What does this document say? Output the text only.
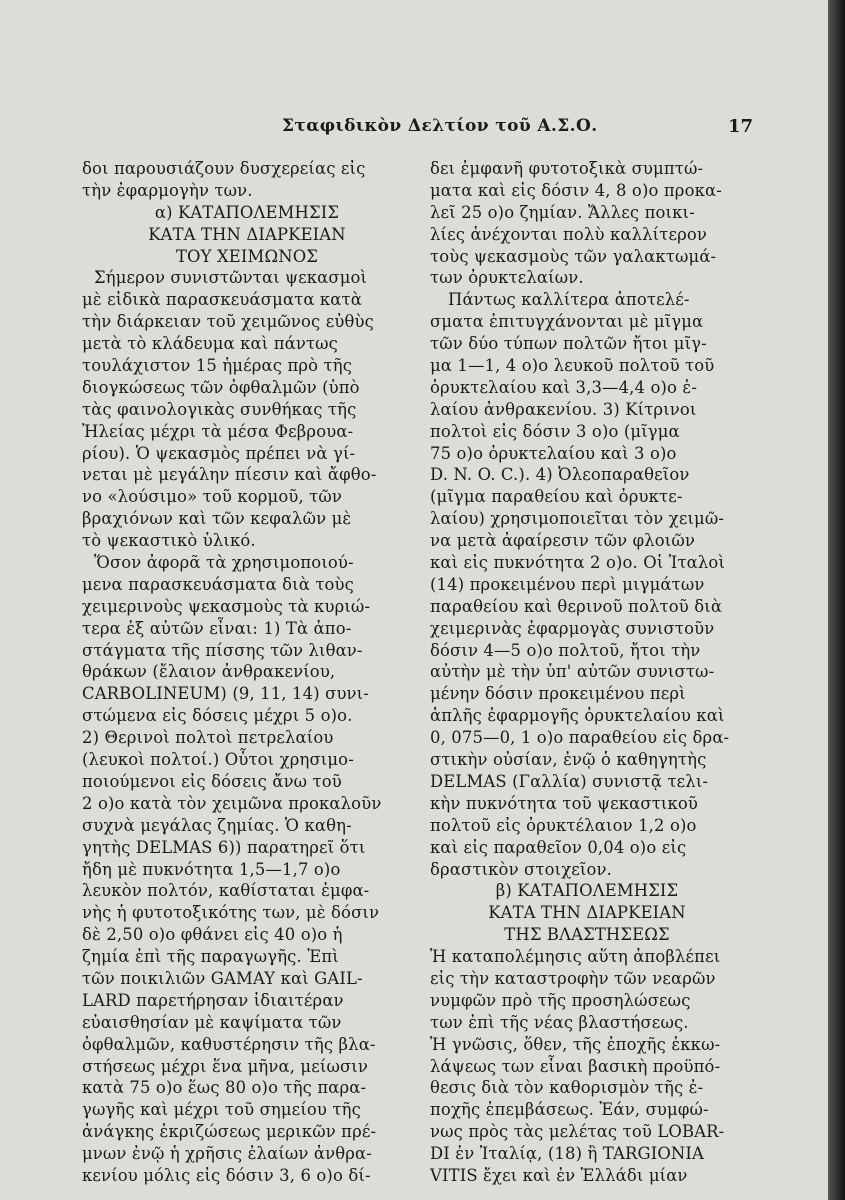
Σταφιδικὸν Δελτίον τοῦ Α.Σ.Ο.	17
δοι παρουσιάζουν δυσχερείας εἰς
τὴν ἐφαρμογὴν των.
α) ΚΑΤΑΠΟΛΕΜΗΣΙΣ
ΚΑΤΑ ΤΗΝ ΔΙΑΡΚΕΙΑΝ
ΤΟΥ ΧΕΙΜΩΝΟΣ
Σήμερον συνιστῶνται ψεκασμοὶ
μὲ εἰδικὰ παρασκευάσματα κατὰ
τὴν διάρκειαν τοῦ χειμῶνος εὐθὺς
μετὰ τὸ κλάδευμα καὶ πάντως
τουλάχιστον 15 ἡμέρας πρὸ τῆς
διογκώσεως τῶν ὀφθαλμῶν (ὑπὸ
τὰς φαινολογικὰς συνθήκας τῆς
Ἠλείας μέχρι τὰ μέσα Φεβρουα-
ρίου). Ὁ ψεκασμὸς πρέπει νὰ γί-
νεται μὲ μεγάλην πίεσιν καὶ ἄφθο-
νο «λούσιμο» τοῦ κορμοῦ, τῶν
βραχιόνων καὶ τῶν κεφαλῶν μὲ
τὸ ψεκαστικὸ ὑλικό.
Ὅσον ἀφορᾶ τὰ χρησιμοποιού-
μενα παρασκευάσματα διὰ τοὺς
χειμερινοὺς ψεκασμοὺς τὰ κυριώ-
τερα ἐξ αὐτῶν εἶναι: 1) Τὰ ἀπο-
στάγματα τῆς πίσσης τῶν λιθαν-
θράκων (ἔλαιον ἀνθρακενίου,
CARBOLINEUM) (9, 11, 14) συνι-
στώμενα εἰς δόσεις μέχρι 5 ο)ο.
2) Θερινοὶ πολτοὶ πετρελαίου
(λευκοὶ πολτοί.) Οὗτοι χρησιμο-
ποιούμενοι εἰς δόσεις ἄνω τοῦ
2 ο)ο κατὰ τὸν χειμῶνα προκαλοῦν
συχνὰ μεγάλας ζημίας. Ὁ καθη-
γητὴς DELMAS 6)) παρατηρεῖ ὅτι
ἤδη μὲ πυκνότητα 1,5—1,7 ο)ο
λευκὸν πολτόν, καθίσταται ἐμφα-
νὴς ἡ φυτοτοξικότης των, μὲ δόσιν
δὲ 2,50 ο)ο φθάνει εἰς 40 ο)ο ἡ
ζημία ἐπὶ τῆς παραγωγῆς. Ἐπὶ
τῶν ποικιλιῶν GAMAY καὶ GAIL-
LARD παρετήρησαν ἰδιαιτέραν
εὐαισθησίαν μὲ καψίματα τῶν
ὀφθαλμῶν, καθυστέρησιν τῆς βλα-
στήσεως μέχρι ἕνα μῆνα, μείωσιν
κατὰ 75 ο)ο ἕως 80 ο)ο τῆς παρα-
γωγῆς καὶ μέχρι τοῦ σημείου τῆς
ἀνάγκης ἐκριζώσεως μερικῶν πρέ-
μνων ἐνῷ ἡ χρῆσις ἐλαίων ἀνθρα-
κενίου μόλις εἰς δόσιν 3, 6 ο)ο δί-
δει ἐμφανῆ φυτοτοξικὰ συμπτώ-
ματα καὶ εἰς δόσιν 4, 8 ο)ο προκα-
λεῖ 25 ο)ο ζημίαν. Ἄλλες ποικι-
λίες ἀνέχονται πολὺ καλλίτερον
τοὺς ψεκασμοὺς τῶν γαλακτωμά-
των ὀρυκτελαίων.
Πάντως καλλίτερα ἀποτελέ-
σματα ἐπιτυγχάνονται μὲ μῖγμα
τῶν δύο τύπων πολτῶν ἤτοι μῖγ-
μα 1—1, 4 ο)ο λευκοῦ πολτοῦ τοῦ
ὀρυκτελαίου καὶ 3,3—4,4 ο)ο ἐ-
λαίου ἀνθρακενίου. 3) Κίτρινοι
πολτοὶ εἰς δόσιν 3 ο)ο (μῖγμα
75 ο)ο ὀρυκτελαίου καὶ 3 ο)ο
D. N. O. C.). 4) Ὀλεοπαραθεῖον
(μῖγμα παραθείου καὶ ὀρυκτε-
λαίου) χρησιμοποιεῖται τὸν χειμῶ-
να μετὰ ἀφαίρεσιν τῶν φλοιῶν
καὶ εἰς πυκνότητα 2 ο)ο. Οἱ Ἰταλοὶ
(14) προκειμένου περὶ μιγμάτων
παραθείου καὶ θερινοῦ πολτοῦ διὰ
χειμερινὰς ἐφαρμογὰς συνιστοῦν
δόσιν 4—5 ο)ο πολτοῦ, ἤτοι τὴν
αὐτὴν μὲ τὴν ὑπ' αὐτῶν συνιστω-
μένην δόσιν προκειμένου περὶ
ἁπλῆς ἐφαρμογῆς ὀρυκτελαίου καὶ
0, 075—0, 1 ο)ο παραθείου εἰς δρα-
στικὴν οὐσίαν, ἐνῷ ὁ καθηγητὴς
DELMAS (Γαλλία) συνιστᾷ τελι-
κὴν πυκνότητα τοῦ ψεκαστικοῦ
πολτοῦ εἰς ὀρυκτέλαιον 1,2 ο)ο
καὶ εἰς παραθεῖον 0,04 ο)ο εἰς
δραστικὸν στοιχεῖον.
β) ΚΑΤΑΠΟΛΕΜΗΣΙΣ
ΚΑΤΑ ΤΗΝ ΔΙΑΡΚΕΙΑΝ
ΤΗΣ ΒΛΑΣΤΗΣΕΩΣ
Ἡ καταπολέμησις αὕτη ἀποβλέπει
εἰς τὴν καταστροφὴν τῶν νεαρῶν
νυμφῶν πρὸ τῆς προσηλώσεως
των ἐπὶ τῆς νέας βλαστήσεως.
Ἡ γνῶσις, ὅθεν, τῆς ἐποχῆς ἐκκω-
λάψεως των εἶναι βασικὴ προϋπό-
θεσις διὰ τὸν καθορισμὸν τῆς ἐ-
ποχῆς ἐπεμβάσεως. Ἐάν, συμφώ-
νως πρὸς τὰς μελέτας τοῦ LOBAR-
DI ἐν Ἰταλίᾳ, (18) ἢ TARGIONIA
VITIS ἔχει καὶ ἐν Ἑλλάδι μίαν
